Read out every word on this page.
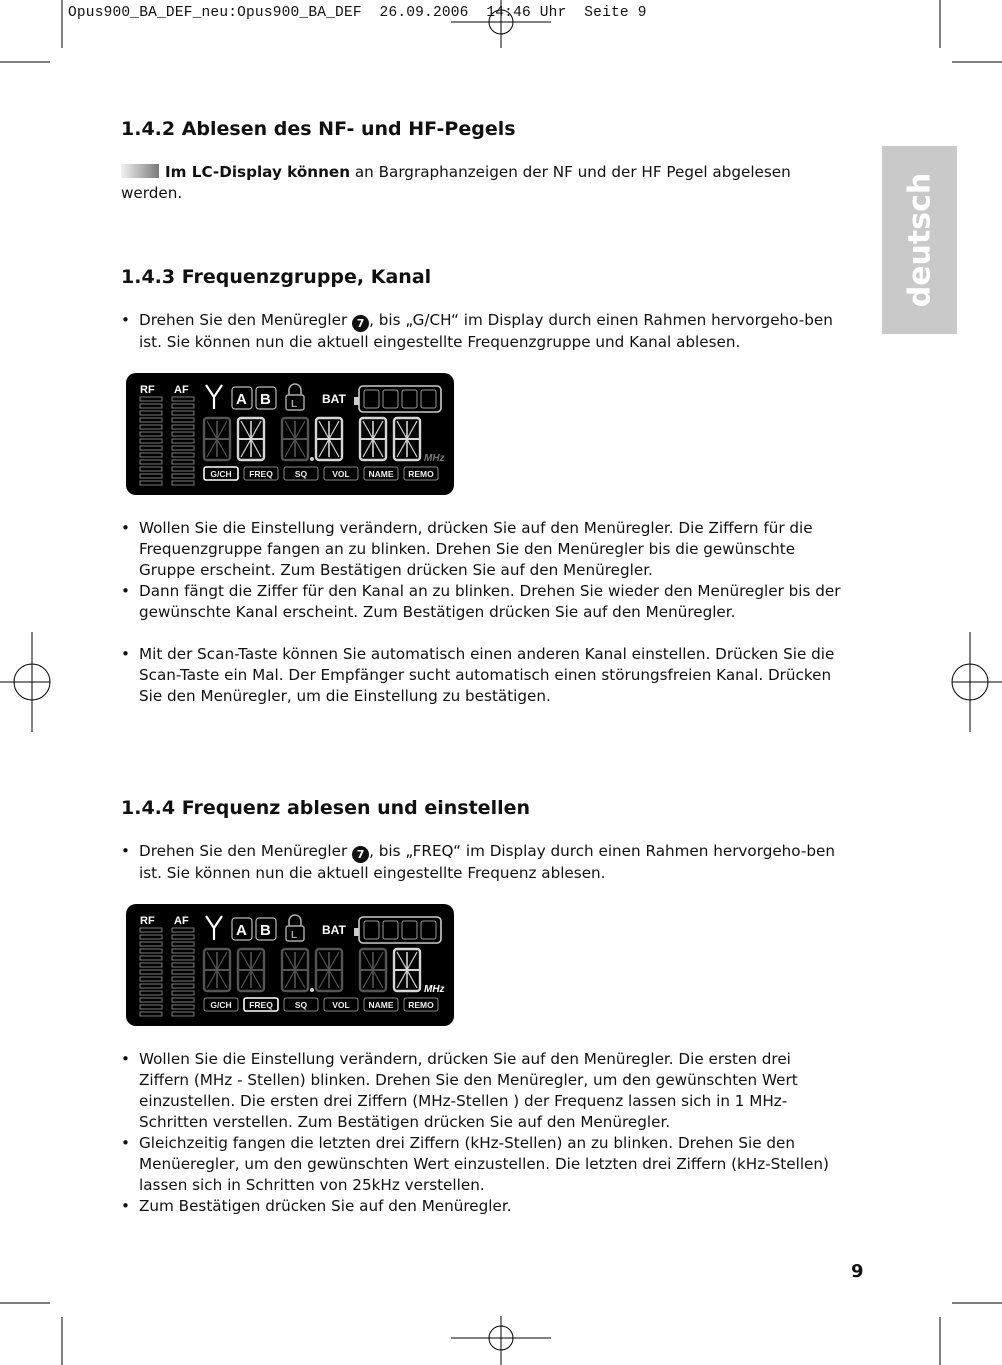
Opus900_BA_DEF_neu:Opus900_BA_DEF  26.09.2006  14:46 Uhr  Seite 9
deutsch
1.4.2 Ablesen des NF- und HF-Pegels

Im LC-Display können an Bargraphanzeigen der NF und der HF Pegel abgelesen werden.

1.4.3 Frequenzgruppe, Kanal
• Drehen Sie den Menüregler 7 , bis „G/CH“ im Display durch einen Rahmen hervorgeho-ben ist. Sie können nun die aktuell eingestellte Frequenzgruppe und Kanal ablesen.
RF AF
A B L BAT
MHz
G/CH FREQ	SQ	VOL NAME REMO
• Wollen Sie die Einstellung verändern, drücken Sie auf den Menüregler. Die Ziffern für die Frequenzgruppe fangen an zu blinken. Drehen Sie den Menüregler bis die gewünschte Gruppe erscheint. Zum Bestätigen drücken Sie auf den Menüregler.
• Dann fängt die Ziffer für den Kanal an zu blinken. Drehen Sie wieder den Menüregler bis der gewünschte Kanal erscheint. Zum Bestätigen drücken Sie auf den Menüregler.
• Mit der Scan-Taste können Sie automatisch einen anderen Kanal einstellen. Drücken Sie die Scan-Taste ein Mal. Der Empfänger sucht automatisch einen störungsfreien Kanal. Drücken Sie den Menüregler, um die Einstellung zu bestätigen.
1.4.4 Frequenz ablesen und einstellen
• Drehen Sie den Menüregler 7 , bis „FREQ“ im Display durch einen Rahmen hervorgeho-ben ist. Sie können nun die aktuell eingestellte Frequenz ablesen.
RF AF
A B L BAT
MHz
G/CH FREQ	SQ	VOL NAME REMO
• Wollen Sie die Einstellung verändern, drücken Sie auf den Menüregler. Die ersten drei Ziffern (MHz - Stellen) blinken. Drehen Sie den Menüregler, um den gewünschten Wert einzustellen. Die ersten drei Ziffern (MHz-Stellen ) der Frequenz lassen sich in 1 MHz-Schritten verstellen. Zum Bestätigen drücken Sie auf den Menüregler.
• Gleichzeitig fangen die letzten drei Ziffern (kHz-Stellen) an zu blinken. Drehen Sie den Menüeregler, um den gewünschten Wert einzustellen. Die letzten drei Ziffern (kHz-Stellen) lassen sich in Schritten von 25kHz verstellen.
• Zum Bestätigen drücken Sie auf den Menüregler.
9
